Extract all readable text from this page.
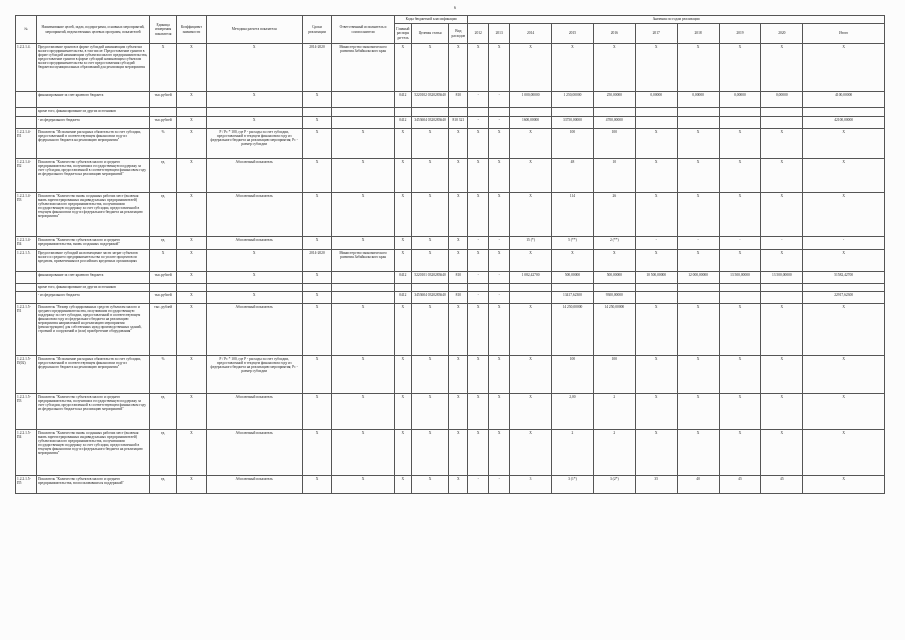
6
№	Наименование целей, задач, подпрограмм, основных мероприятий, мероприятий, ведомственных целевых программ, показателей	Единица измерения показателя	Коэффициент значимости	Методика расчета показателя	Сроки реализации	Ответственный исполнитель и соисполнители	Коды бюджетной классификации			Значения по годам реализации									
							Главный распоряди-тель	Целевая статья	Вид расходов	2012	2013	2014	2015	2016	2017	2018	2019	2020	Итого
1.2.2.1.4.	Предоставление грантов в форме субсидий начинающим субъектам малого предпринимательства, в том числе: Предоставление грантов в форме субсидий начинающим субъектам малого предпринимательства, предоставление грантов в форме субсидий начинающим субъектам малого предпринимательства за счет предоставления субсидий бюджетам муниципальных образований для реализации мероприятия	Х	Х	Х	2014-2020	Министерство экономического развития Забайкальского края	Х	Х	Х	Х	Х	Х	Х	Х	Х	Х	Х	Х	Х
	финансирование за счет краевого бюджета	тыс.рублей	Х	Х	Х		0412	5220102 0320283640	810	-	-	1 000,00000	1 250,00000	250,00000	0,00000	0,00000	0,00000	0,00000	4100,00000
	кроме того, финансирование из других источников																		
	- из федерального бюджета	тыс.рублей	Х	Х	Х		0412	3453604 0320283640	810 321	-	-	1600,00000	33750,00000	4700,00000					42100,00000
1.2.2.1.4-П1	Показатель "Исполнение расходных обязательств за счет субсидии, предоставленной в соответствующем финансовом году из федерального бюджета на реализацию мероприятия"	%	Х	Р / Рс * 100, где Р - расходы за счет субсидии, предоставленной в текущем финансовом году из федерального бюджета на реализацию мероприятия; Рс - размер субсидии	Х	Х	Х	Х	Х	Х	Х	Х	100	100	Х	Х	Х	Х	Х
1.2.2.1.4-П2	Показатель "Количество субъектов малого и среднего предпринимательства, получивших государственную поддержку за счет субсидии, предоставленной в соответствующем финансовом году из федерального бюджета на реализацию мероприятий"	ед.	Х	Абсолютный показатель	Х	Х	Х	Х	Х	Х	Х	Х	48	10	Х	Х	Х	Х	Х
1.2.2.1.4-П3	Показатель "Количество вновь созданных рабочих мест (включая вновь зарегистрированных индивидуальных предпринимателей) субъектами малого предпринимательства, получившими государственную поддержку за счет субсидии, предоставленной в текущем финансовом году из федерального бюджета на реализацию мероприятия"	ед.	Х	Абсолютный показатель	Х	Х	Х	Х	Х	Х	Х	Х	114	26	Х	Х	Х	Х	Х
1.2.2.1.4-П4	Показатель "Количество субъектов малого и среднего предпринимательства, вновь созданных поддержкой"	ед.	Х	Абсолютный показатель	Х	Х	Х	Х	Х	-	-	15 (*)	5 (**)	2 (**)	-	-	-	-	-
1.2.2.1.5.	Предоставление субсидий на возмещение части затрат субъектов малого и среднего предпринимательства по уплате процентов по кредитам, привлеченным в российских кредитных организациях	Х	Х	Х	2014-2020	Министерство экономического развития Забайкальского края	Х	Х	Х	Х	Х	Х	Х	Х	Х	Х	Х	Х	Х
	финансирование за счет краевого бюджета	тыс.рублей	Х	Х	Х		0412	5220101 0320283640	810	-	-	1 082,42700	500,00000	500,00000	10 500,00000	12 000,00000	13 500,00000	13 500,00000	51582,42700
	кроме того, финансирование из других источников																		
	- из федерального бюджета	тыс.рублей	Х	Х	Х		0412	3453604 0320283640	810	-	-		13417,62300	9300,00000					22917,62300
1.2.2.1.5-П1	Показатель "Размер субсидированных средств субъектам малого и среднего предпринимательства, получившим государственную поддержку за счет субсидии, предоставленной в соответствующем финансовом году из федерального бюджета на реализацию мероприятия направленной на реализацию мероприятия (реконструкцию) для собственных нужд производственных зданий, строений и сооружений и (или) приобретение оборудования"	тыс. рублей	Х	Абсолютный показатель	Х	Х	Х	Х	Х	Х	Х	Х	14 250,00000	14 250,00000	Х	Х	Х	Х	Х
1.2.2.1.5-П(02)	Показатель "Исполнение расходных обязательств за счет субсидии, предоставленной в соответствующем финансовом году из федерального бюджета на реализацию мероприятия"	%	Х	Р / Рс * 100, где Р - расходы за счет субсидии, предоставленной в текущем финансовом году из федерального бюджета на реализацию мероприятия; Рс - размер субсидии	Х	Х	Х	Х	Х	Х	Х	Х	100	100	Х	Х	Х	Х	Х
1.2.2.1.5-П3	Показатель "Количество субъектов малого и среднего предпринимательства, получивших государственную поддержку за счет субсидии, предоставленной в соответствующем финансовом году из федерального бюджета на реализацию мероприятий"	ед.	Х	Абсолютный показатель	Х	Х	Х	Х	Х	Х	Х	Х	2,00	2	Х	Х	Х	Х	Х
1.2.2.1.5-П4	Показатель "Количество вновь созданных рабочих мест (включая вновь зарегистрированных индивидуальных предпринимателей) субъектами малого предпринимательства, получившими государственную поддержку за счет субсидии, предоставленной в текущем финансовом году из федерального бюджета на реализацию мероприятия"	ед.	Х	Абсолютный показатель	Х	Х	Х	Х	Х	Х	Х	Х	2	2	Х	Х	Х	Х	Х
1.2.2.1.5-П5	Показатель "Количество субъектов малого и среднего предпринимательства, воспользовавшихся поддержкой"	ед.	Х	Абсолютный показатель	Х	Х	Х	Х	Х	-	-	3	3 (1*)	3 (2*)	35	40	45	45	Х
